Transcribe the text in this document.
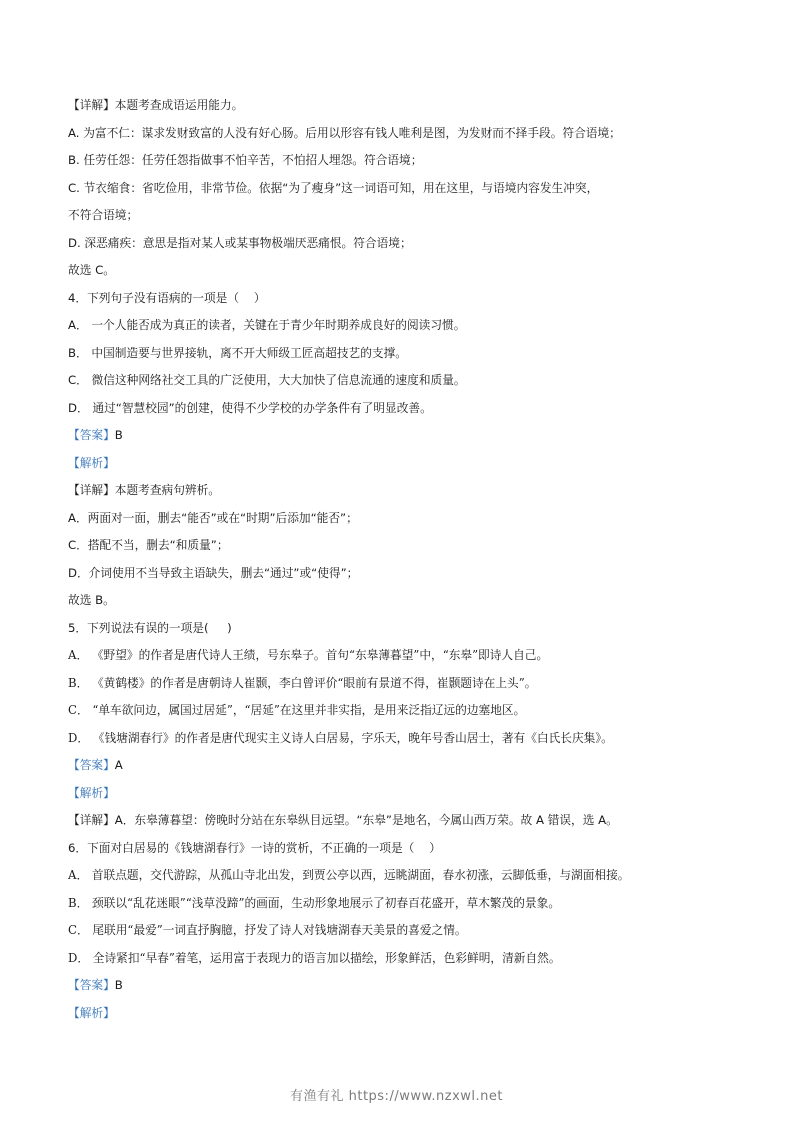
【详解】本题考查成语运用能力。
A. 为富不仁：谋求发财致富的人没有好心肠。后用以形容有钱人唯利是图，为发财而不择手段。符合语境；
B. 任劳任怨：任劳任怨指做事不怕辛苦，不怕招人埋怨。符合语境；
C. 节衣缩食：省吃俭用，非常节俭。依据“为了瘦身”这一词语可知，用在这里，与语境内容发生冲突，
不符合语境；
D. 深恶痛疾：意思是指对某人或某事物极端厌恶痛恨。符合语境；
故选 C。
4．下列句子没有语病的一项是（    ）
A． 一个人能否成为真正的读者，关键在于青少年时期养成良好的阅读习惯。
B． 中国制造要与世界接轨，离不开大师级工匠高超技艺的支撑。
C． 微信这种网络社交工具的广泛使用，大大加快了信息流通的速度和质量。
D． 通过“智慧校园”的创建，使得不少学校的办学条件有了明显改善。
【答案】B
【解析】
【详解】本题考查病句辨析。
A．两面对一面，删去“能否”或在“时期”后添加“能否”；
C．搭配不当，删去“和质量”；
D．介词使用不当导致主语缺失，删去“通过”或“使得”；
故选 B。
5．下列说法有误的一项是(     )
A． 《野望》的作者是唐代诗人王绩，号东皋子。首句“东皋薄暮望”中，“东皋”即诗人自己。
B． 《黄鹤楼》的作者是唐朝诗人崔颢，李白曾评价“眼前有景道不得，崔颢题诗在上头”。
C． “单车欲问边，属国过居延”，“居延”在这里并非实指，是用来泛指辽远的边塞地区。
D． 《钱塘湖春行》的作者是唐代现实主义诗人白居易，字乐天，晚年号香山居士，著有《白氏长庆集》。
【答案】A
【解析】
【详解】A．东皋薄暮望：傍晚时分站在东皋纵目远望。“东皋”是地名，今属山西万荣。故 A 错误，选 A。
6．下面对白居易的《钱塘湖春行》一诗的赏析，不正确的一项是（    ）
A． 首联点题，交代游踪，从孤山寺北出发，到贾公亭以西，远眺湖面，春水初涨，云脚低垂，与湖面相接。
B． 颈联以“乱花迷眼”“浅草没蹄”的画面，生动形象地展示了初春百花盛开，草木繁茂的景象。
C． 尾联用“最爱”一词直抒胸臆，抒发了诗人对钱塘湖春天美景的喜爱之情。
D． 全诗紧扣“早春”着笔，运用富于表现力的语言加以描绘，形象鲜活，色彩鲜明，清新自然。
【答案】B
【解析】
有渔有礼 https://www.nzxwl.net
